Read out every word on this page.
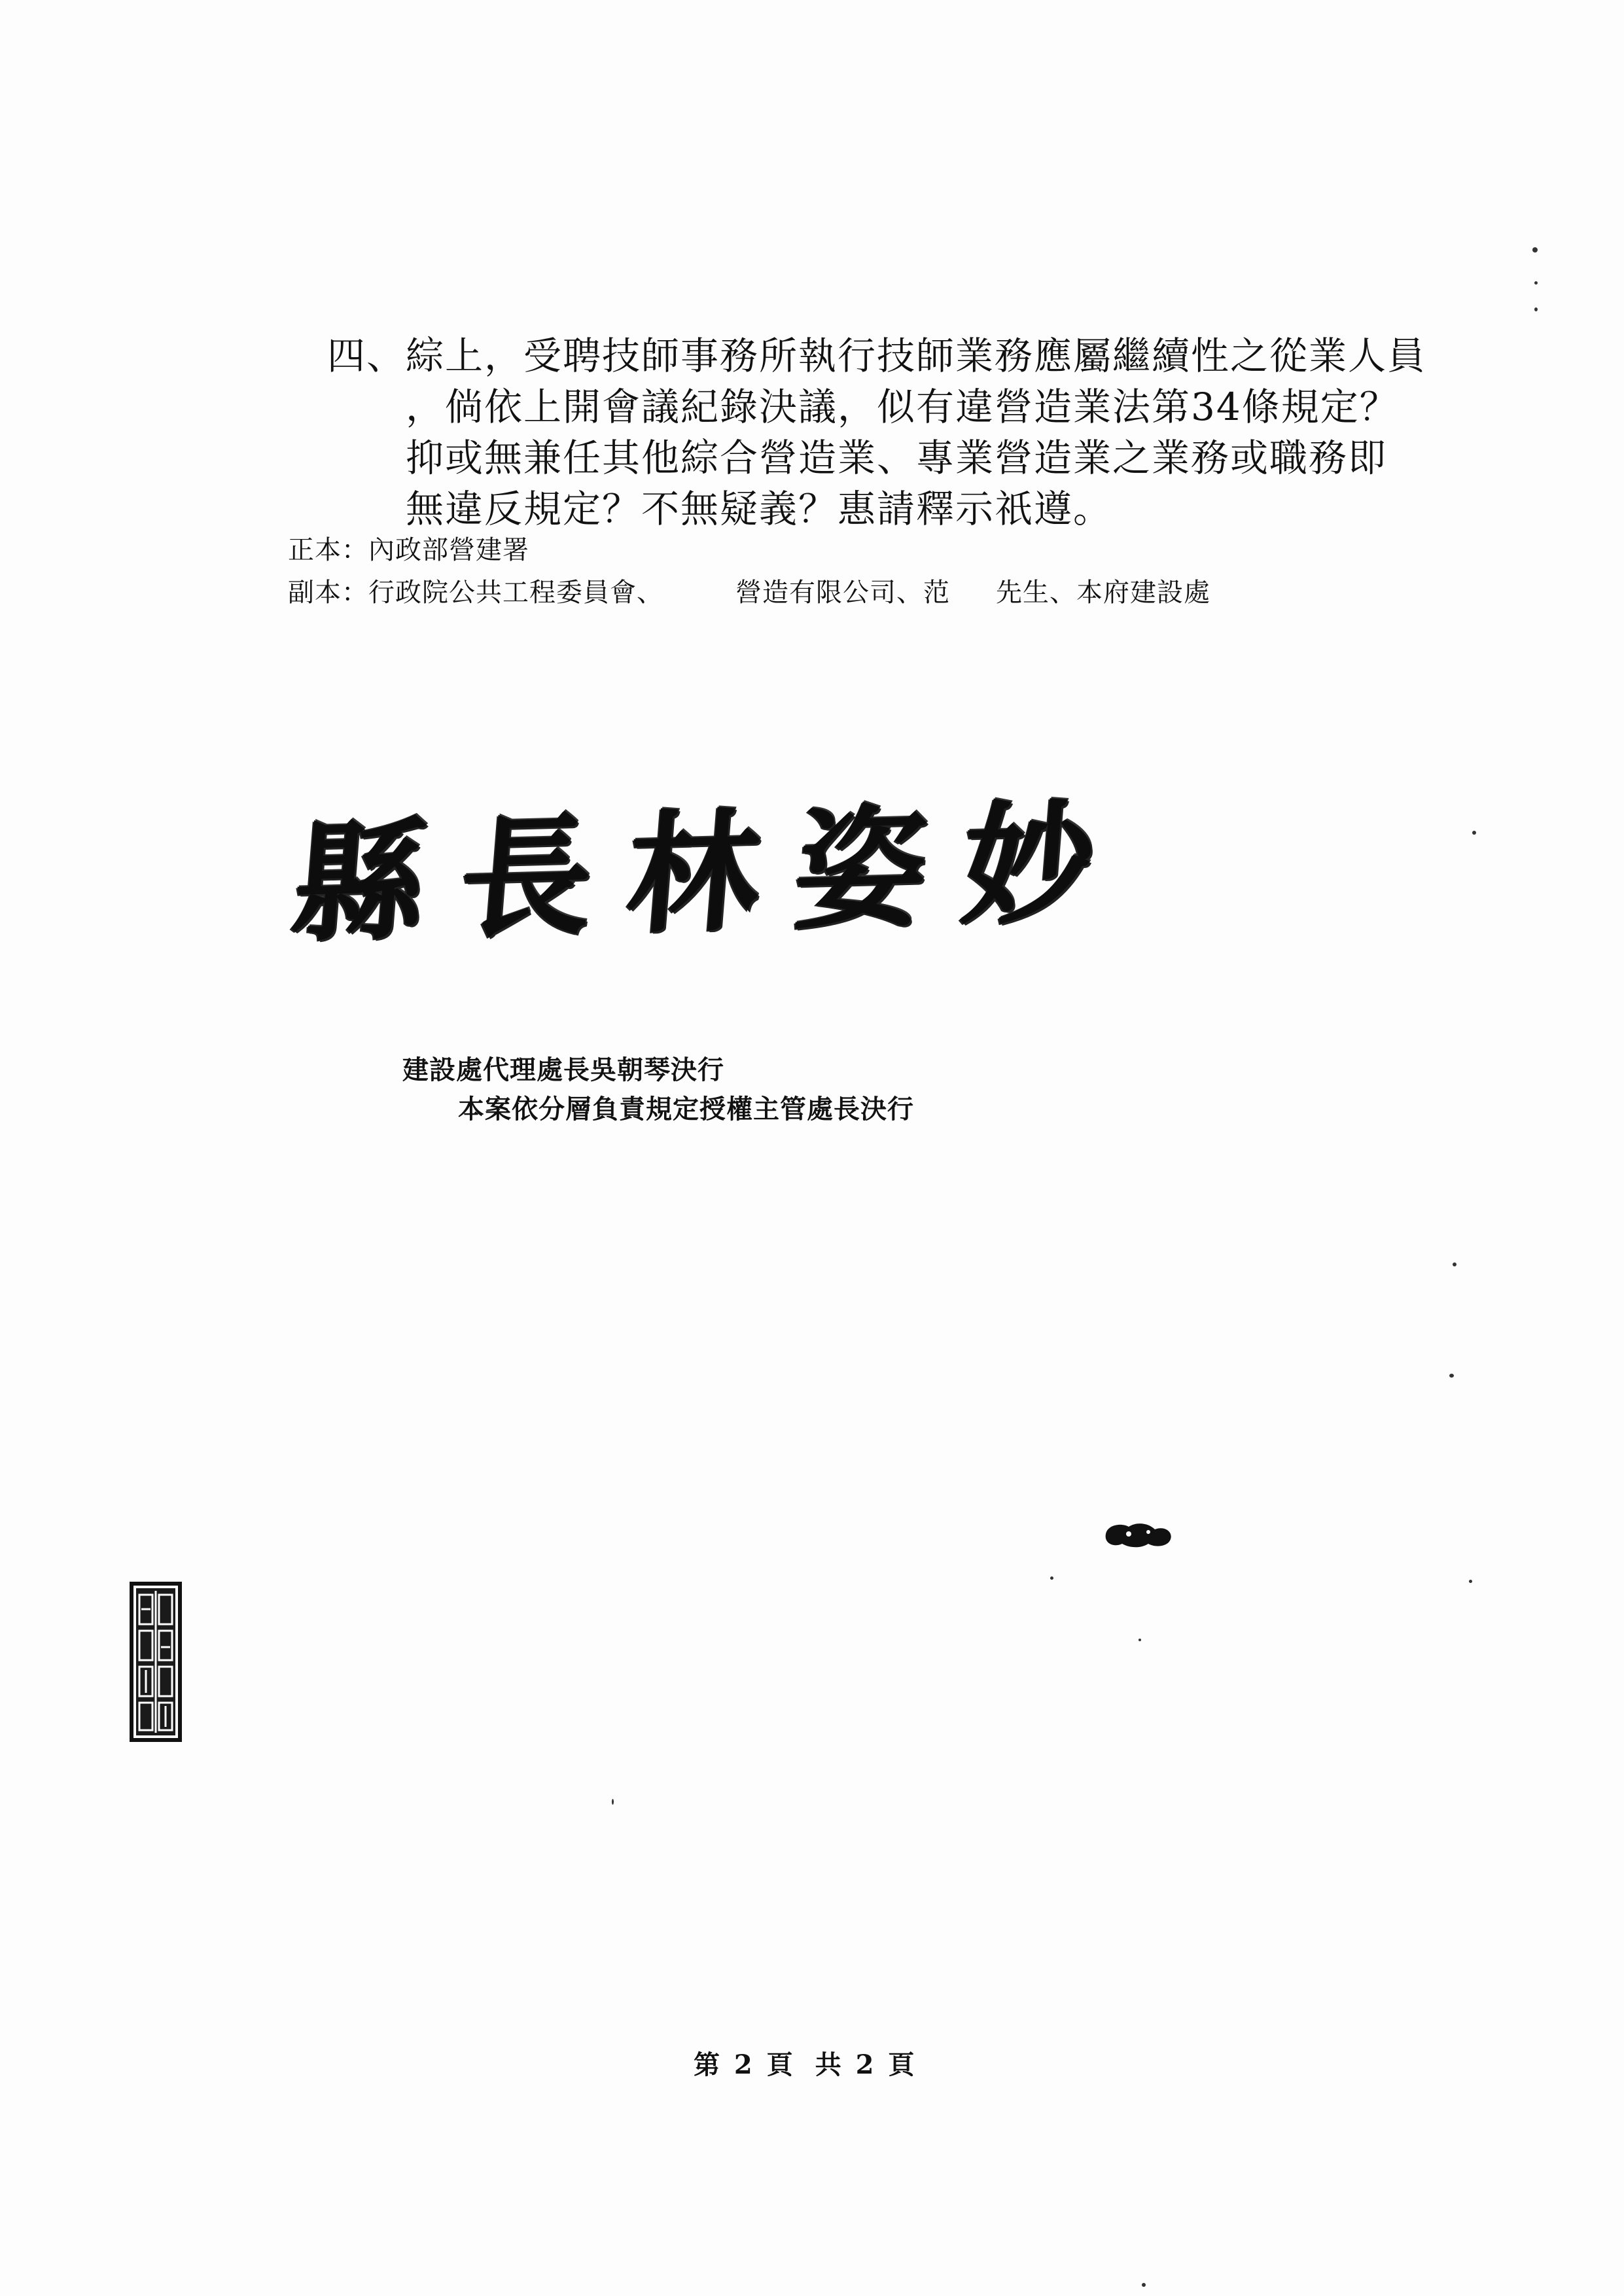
四、綜上，受聘技師事務所執行技師業務應屬繼續性之從業人員
，倘依上開會議紀錄決議，似有違營造業法第34條規定？
抑或無兼任其他綜合營造業、專業營造業之業務或職務即
無違反規定？不無疑義？惠請釋示祇遵。
正本：內政部營建署
副本：行政院公共工程委員會、	營造有限公司、范 先生、本府建設處
縣長林姿妙
建設處代理處長吳朝琴決行
本案依分層負責規定授權主管處長決行
第 2 頁 共 2 頁
